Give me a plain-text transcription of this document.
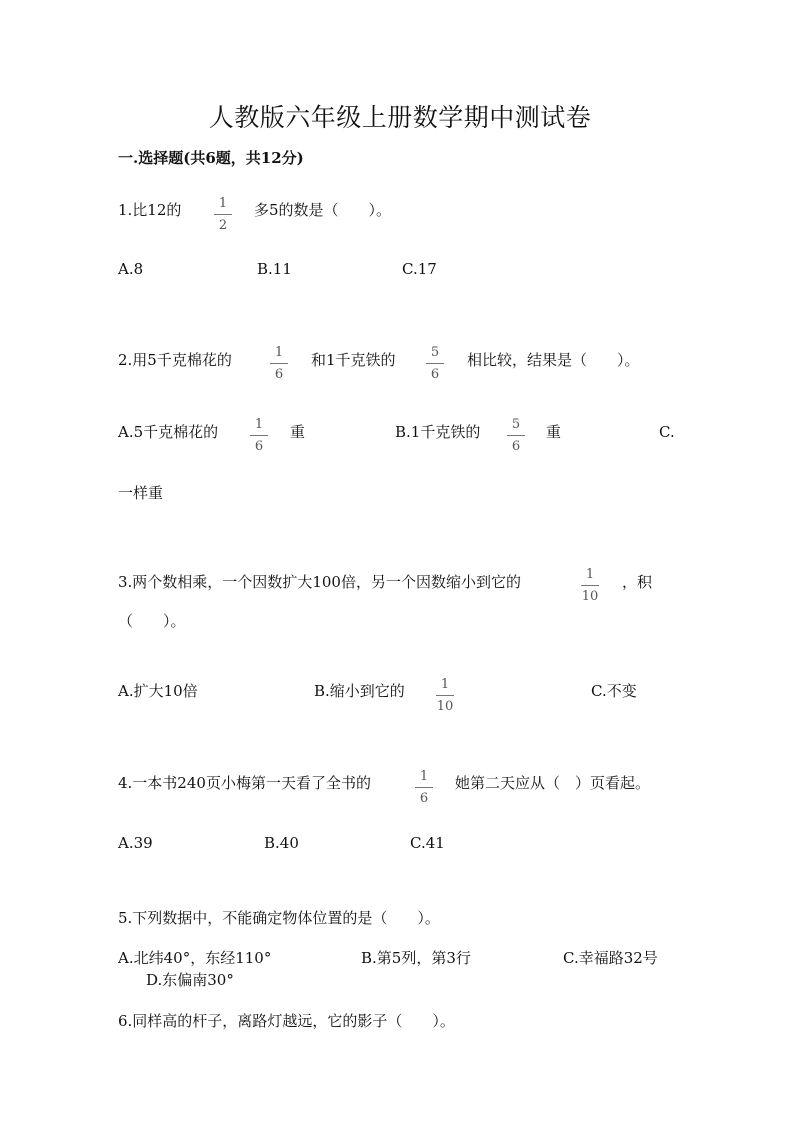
人教版六年级上册数学期中测试卷
一.选择题(共6题，共12分)
1.比12的	1
2
多5的数是（　　）。
A.8	B.11	C.17
2.用5千克棉花的	1
6
和1千克铁的	5
6
相比较，结果是（　　）。
A.5千克棉花的	1
6
重	B.1千克铁的	5
6
重	C.
一样重
3.两个数相乘，一个因数扩大100倍，另一个因数缩小到它的	1
10
，积
（　　）。
A.扩大10倍	B.缩小到它的	1
10
C.不变
4.一本书240页小梅第一天看了全书的	1
6
她第二天应从（　）页看起。
A.39	B.40	C.41
5.下列数据中，不能确定物体位置的是（　　）。
A.北纬40°，东经110°	B.第5列，第3行	C.幸福路32号
D.东偏南30°
6.同样高的杆子，离路灯越远，它的影子（　　）。
